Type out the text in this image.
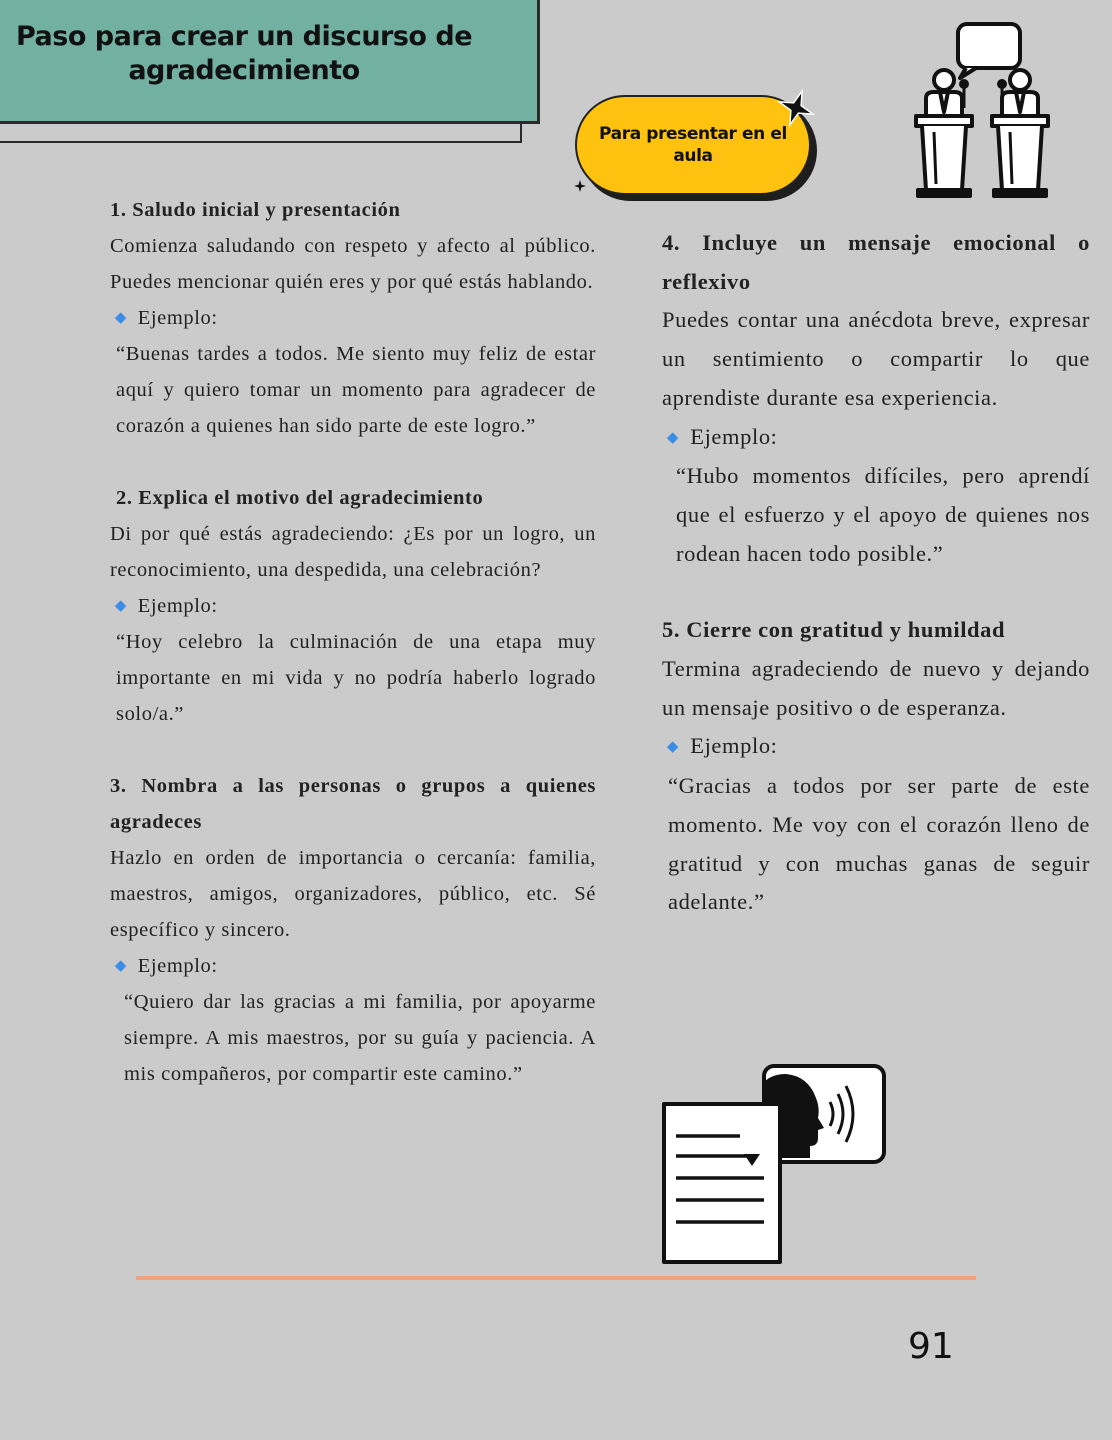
Paso para crear un discurso de agradecimiento
Para presentar en el aula

1. Saludo inicial y presentación

Comienza saludando con respeto y afecto al público. Puedes mencionar quién eres y por qué estás hablando.

◆ Ejemplo:

“Buenas tardes a todos. Me siento muy feliz de estar aquí y quiero tomar un momento para agradecer de corazón a quienes han sido parte de este logro.”

2. Explica el motivo del agradecimiento

Di por qué estás agradeciendo: ¿Es por un logro, un reconocimiento, una despedida, una celebración?

◆ Ejemplo:

“Hoy celebro la culminación de una etapa muy importante en mi vida y no podría haberlo logrado solo/a.”

3. Nombra a las personas o grupos a quienes agradeces

Hazlo en orden de importancia o cercanía: familia, maestros, amigos, organizadores, público, etc. Sé específico y sincero.

◆ Ejemplo:

“Quiero dar las gracias a mi familia, por apoyarme siempre. A mis maestros, por su guía y paciencia. A mis compañeros, por compartir este camino.”

4. Incluye un mensaje emocional o reflexivo

Puedes contar una anécdota breve, expresar un sentimiento o compartir lo que aprendiste durante esa experiencia.

◆ Ejemplo:

“Hubo momentos difíciles, pero aprendí que el esfuerzo y el apoyo de quienes nos rodean hacen todo posible.”

5. Cierre con gratitud y humildad

Termina agradeciendo de nuevo y dejando un mensaje positivo o de esperanza.

◆ Ejemplo:

“Gracias a todos por ser parte de este momento. Me voy con el corazón lleno de gratitud y con muchas ganas de seguir adelante.”

91
